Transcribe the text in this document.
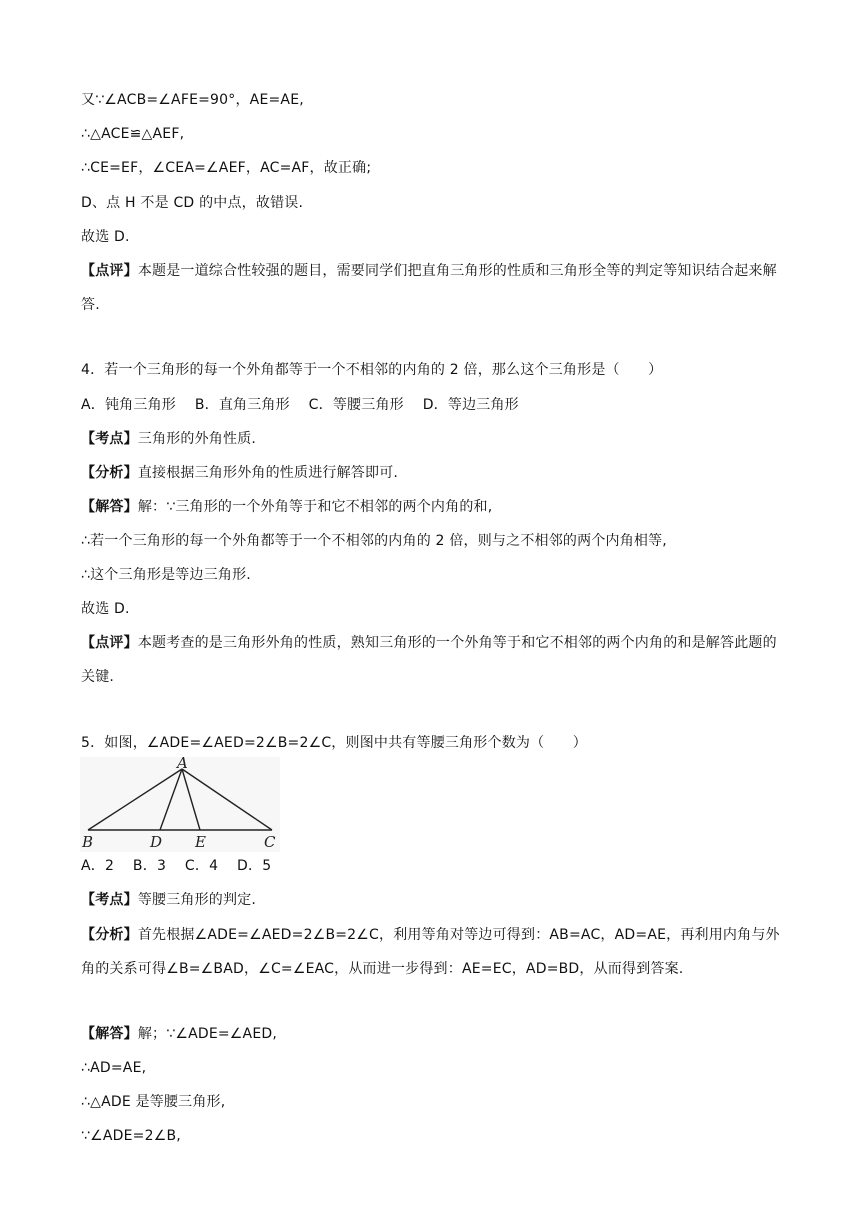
又∵∠ACB=∠AFE=90°，AE=AE,
∴△ACE≌△AEF,
∴CE=EF，∠CEA=∠AEF，AC=AF，故正确;
D、点 H 不是 CD 的中点，故错误.
故选 D.
【点评】本题是一道综合性较强的题目，需要同学们把直角三角形的性质和三角形全等的判定等知识结合起来解答.
4．若一个三角形的每一个外角都等于一个不相邻的内角的 2 倍，那么这个三角形是（　　）
A．钝角三角形　 B．直角三角形　 C．等腰三角形　 D．等边三角形
【考点】三角形的外角性质.
【分析】直接根据三角形外角的性质进行解答即可.
【解答】解：∵三角形的一个外角等于和它不相邻的两个内角的和,
∴若一个三角形的每一个外角都等于一个不相邻的内角的 2 倍，则与之不相邻的两个内角相等,
∴这个三角形是等边三角形.
故选 D.
【点评】本题考查的是三角形外角的性质，熟知三角形的一个外角等于和它不相邻的两个内角的和是解答此题的关键.
5．如图，∠ADE=∠AED=2∠B=2∠C，则图中共有等腰三角形个数为（　　）
A
B	D E	C
A．2　 B．3　 C．4　 D．5
【考点】等腰三角形的判定.
【分析】首先根据∠ADE=∠AED=2∠B=2∠C，利用等角对等边可得到：AB=AC，AD=AE，再利用内角与外角的关系可得∠B=∠BAD，∠C=∠EAC，从而进一步得到：AE=EC，AD=BD，从而得到答案.
【解答】解；∵∠ADE=∠AED,
∴AD=AE,
∴△ADE 是等腰三角形,
∵∠ADE=2∠B,
